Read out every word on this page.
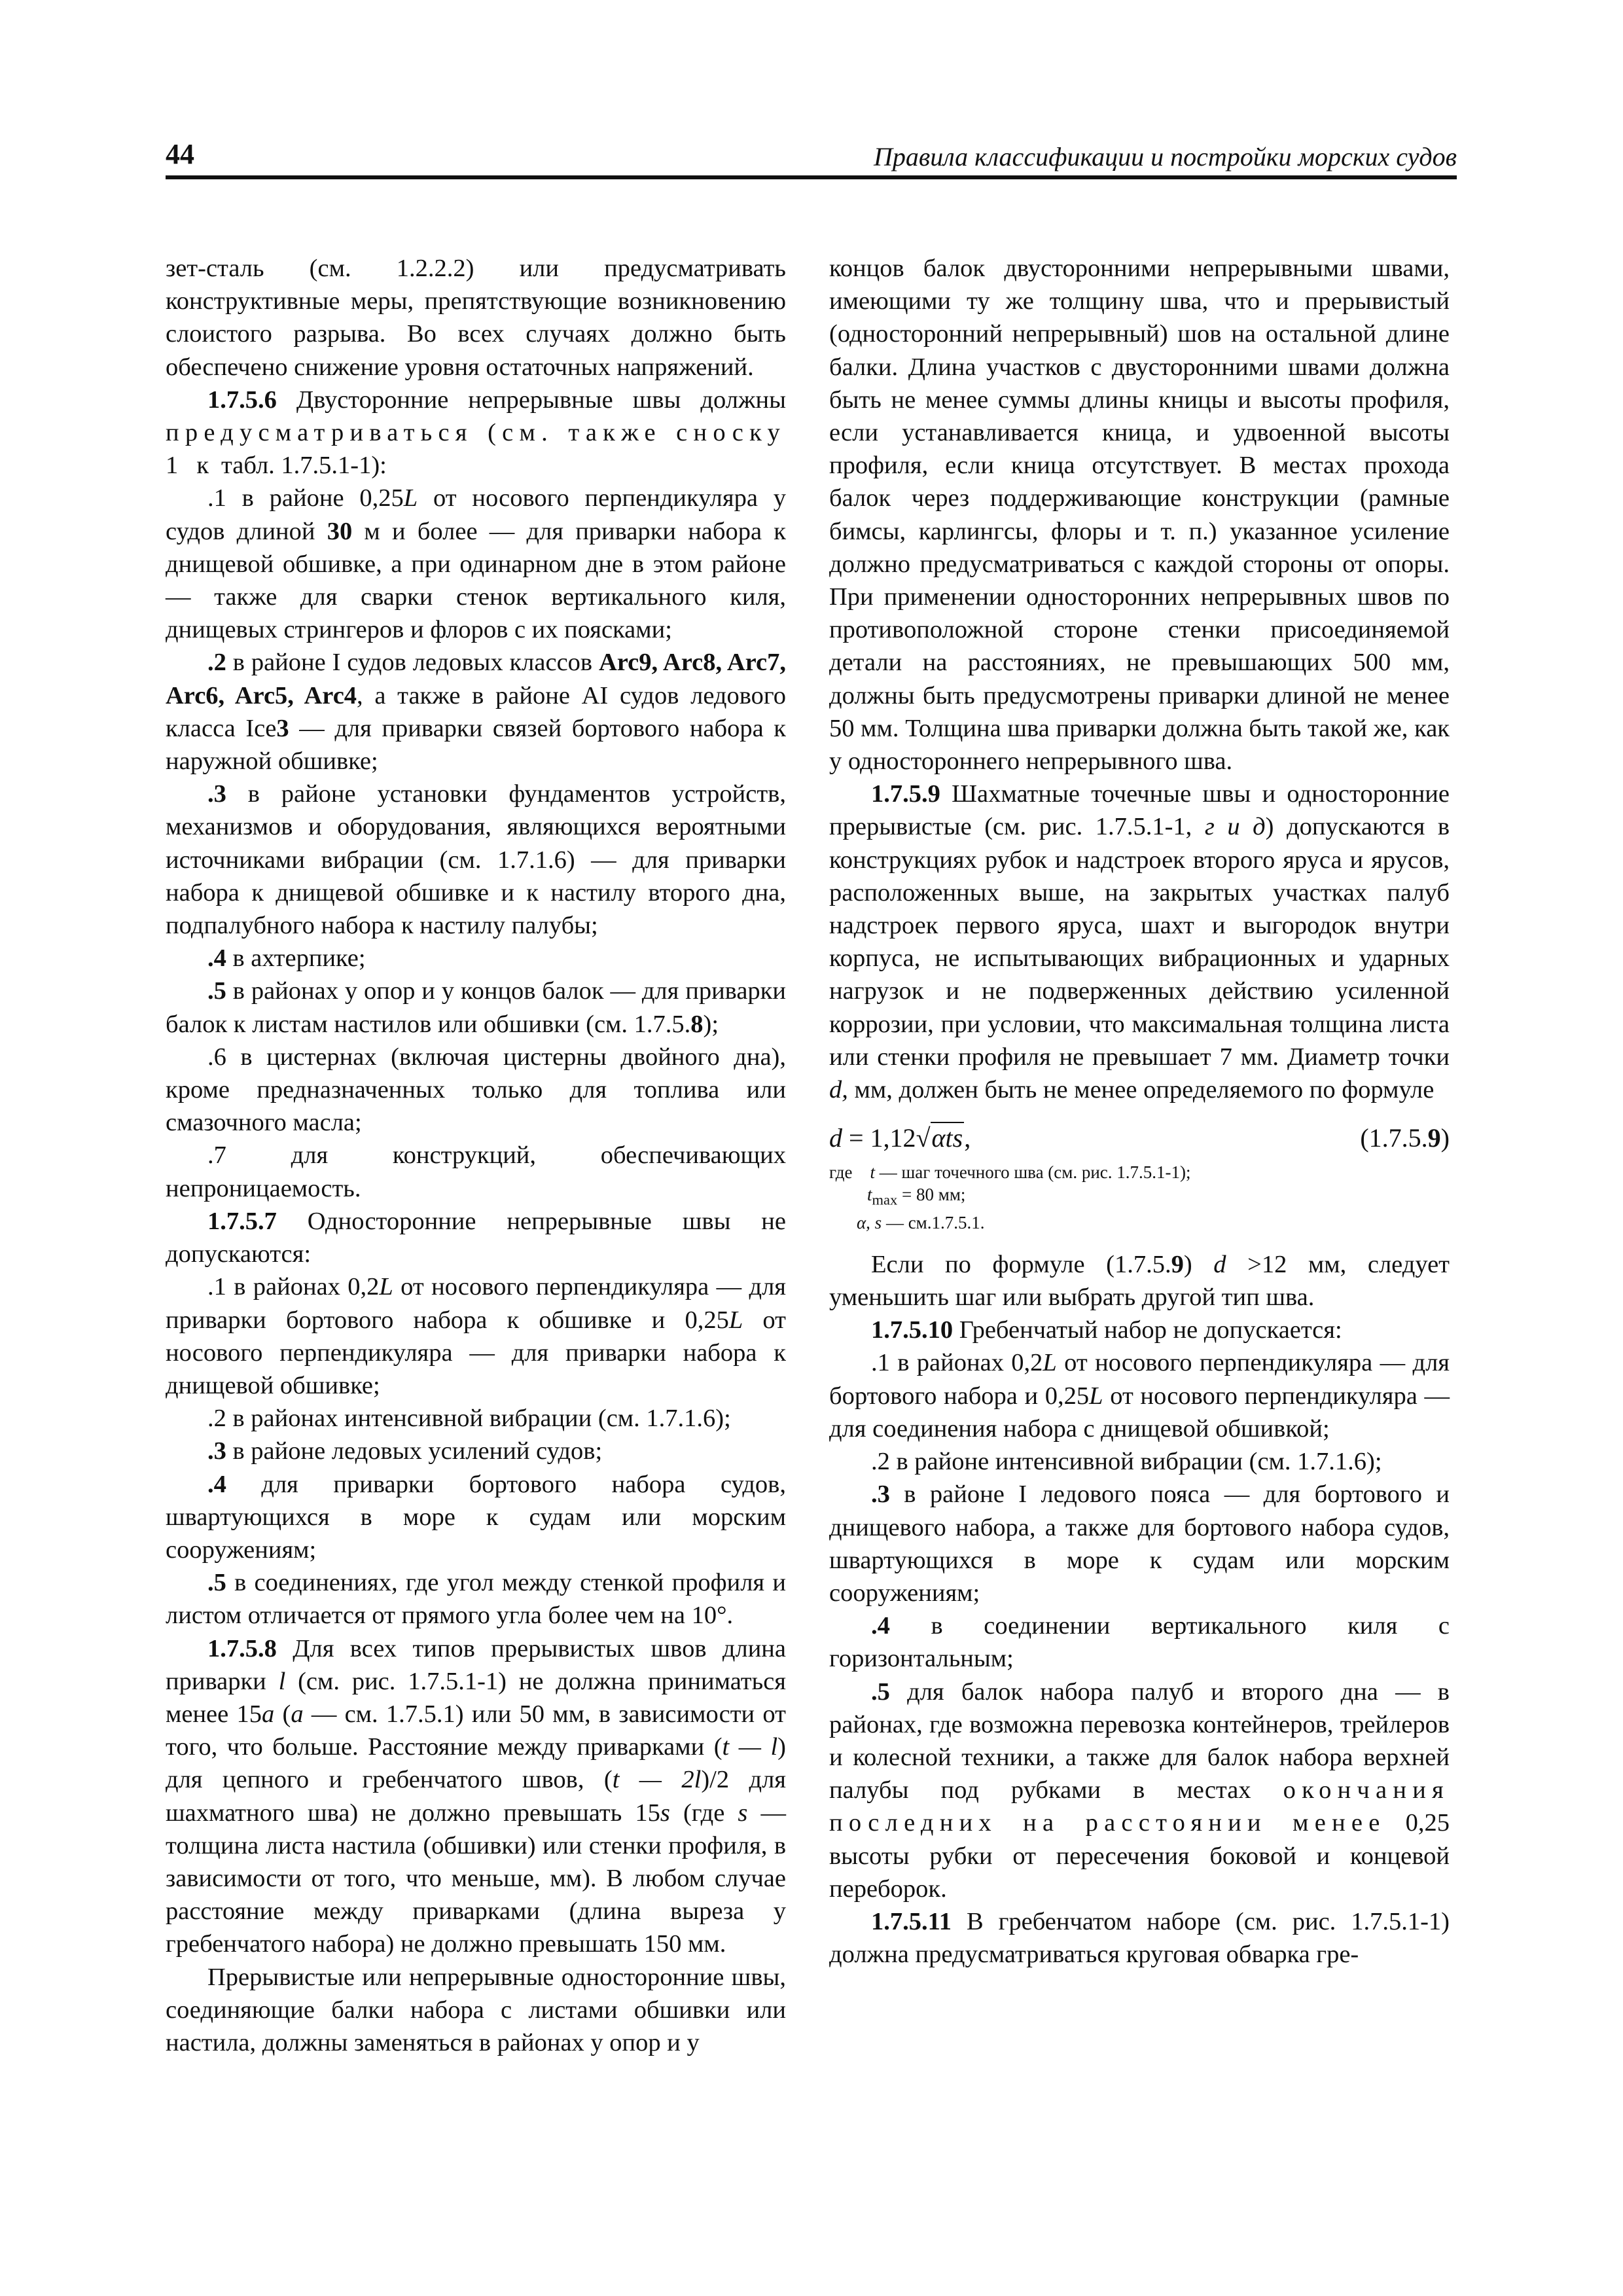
44	Правила классификации и постройки морских судов

зет-сталь (см. 1.2.2.2) или предусматривать конструктивные меры, препятствующие возникновению слоистого разрыва. Во всех случаях должно быть обеспечено снижение уровня остаточных напряжений.

1.7.5.6 Двусторонние непрерывные швы должны предусматриваться (см. также сноску 1 к табл. 1.7.5.1-1):

.1 в районе 0,25L от носового перпендикуляра у судов длиной 30 м и более — для приварки набора к днищевой обшивке, а при одинарном дне в этом районе — также для сварки стенок вертикального киля, днищевых стрингеров и флоров с их поясками;

.2 в районе I судов ледовых классов Arc9, Arc8, Arc7, Arc6, Arc5, Arc4, а также в районе AI судов ледового класса Ice3 — для приварки связей бортового набора к наружной обшивке;

.3 в районе установки фундаментов устройств, механизмов и оборудования, являющихся вероятными источниками вибрации (см. 1.7.1.6) — для приварки набора к днищевой обшивке и к настилу второго дна, подпалубного набора к настилу палубы;

.4 в ахтерпике;

.5 в районах у опор и у концов балок — для приварки балок к листам настилов или обшивки (см. 1.7.5.8);

.6 в цистернах (включая цистерны двойного дна), кроме предназначенных только для топлива или смазочного масла;

.7 для конструкций, обеспечивающих непроницаемость.

1.7.5.7 Односторонние непрерывные швы не допускаются:

.1 в районах 0,2L от носового перпендикуляра — для приварки бортового набора к обшивке и 0,25L от носового перпендикуляра — для приварки набора к днищевой обшивке;

.2 в районах интенсивной вибрации (см. 1.7.1.6);

.3 в районе ледовых усилений судов;

.4 для приварки бортового набора судов, швартующихся в море к судам или морским сооружениям;

.5 в соединениях, где угол между стенкой профиля и листом отличается от прямого угла более чем на 10°.

1.7.5.8 Для всех типов прерывистых швов длина приварки l (см. рис. 1.7.5.1-1) не должна приниматься менее 15a (a — см. 1.7.5.1) или 50 мм, в зависимости от того, что больше. Расстояние между приварками (t — l) для цепного и гребенчатого швов, (t — 2l)/2 для шахматного шва) не должно превышать 15s (где s — толщина листа настила (обшивки) или стенки профиля, в зависимости от того, что меньше, мм). В любом случае расстояние между приварками (длина выреза у гребенчатого набора) не должно превышать 150 мм.

Прерывистые или непрерывные односторонние швы, соединяющие балки набора с листами обшивки или настила, должны заменяться в районах у опор и у

концов балок двусторонними непрерывными швами, имеющими ту же толщину шва, что и прерывистый (односторонний непрерывный) шов на остальной длине балки. Длина участков с двусторонними швами должна быть не менее суммы длины кницы и высоты профиля, если устанавливается кница, и удвоенной высоты профиля, если кница отсутствует. В местах прохода балок через поддерживающие конструкции (рамные бимсы, карлингсы, флоры и т. п.) указанное усиление должно предусматриваться с каждой стороны от опоры. При применении односторонних непрерывных швов по противоположной стороне стенки присоединяемой детали на расстояниях, не превышающих 500 мм, должны быть предусмотрены приварки длиной не менее 50 мм. Толщина шва приварки должна быть такой же, как у одностороннего непрерывного шва.

1.7.5.9 Шахматные точечные швы и односторонние прерывистые (см. рис. 1.7.5.1-1, г и д) допускаются в конструкциях рубок и надстроек второго яруса и ярусов, расположенных выше, на закрытых участках палуб надстроек первого яруса, шахт и выгородок внутри корпуса, не испытывающих вибрационных и ударных нагрузок и не подверженных действию усиленной коррозии, при условии, что максимальная толщина листа или стенки профиля не превышает 7 мм. Диаметр точки d, мм, должен быть не менее определяемого по формуле

d = 1,12√αts,	(1.7.5.9)

где t — шаг точечного шва (см. рис. 1.7.5.1-1);

$t_{max} = 80$ мм;

α, s — см.1.7.5.1.

Если по формуле (1.7.5.9) d >12 мм, следует уменьшить шаг или выбрать другой тип шва.

1.7.5.10 Гребенчатый набор не допускается:

.1 в районах 0,2L от носового перпендикуляра — для бортового набора и 0,25L от носового перпендикуляра — для соединения набора с днищевой обшивкой;

.2 в районе интенсивной вибрации (см. 1.7.1.6);

.3 в районе I ледового пояса — для бортового и днищевого набора, а также для бортового набора судов, швартующихся в море к судам или морским сооружениям;

.4 в соединении вертикального киля с горизонтальным;

.5 для балок набора палуб и второго дна — в районах, где возможна перевозка контейнеров, трейлеров и колесной техники, а также для балок набора верхней палубы под рубками в местах окончания последних на расстоянии менее 0,25 высоты рубки от пересечения боковой и концевой переборок.

1.7.5.11 В гребенчатом наборе (см. рис. 1.7.5.1-1) должна предусматриваться круговая обварка гре-
